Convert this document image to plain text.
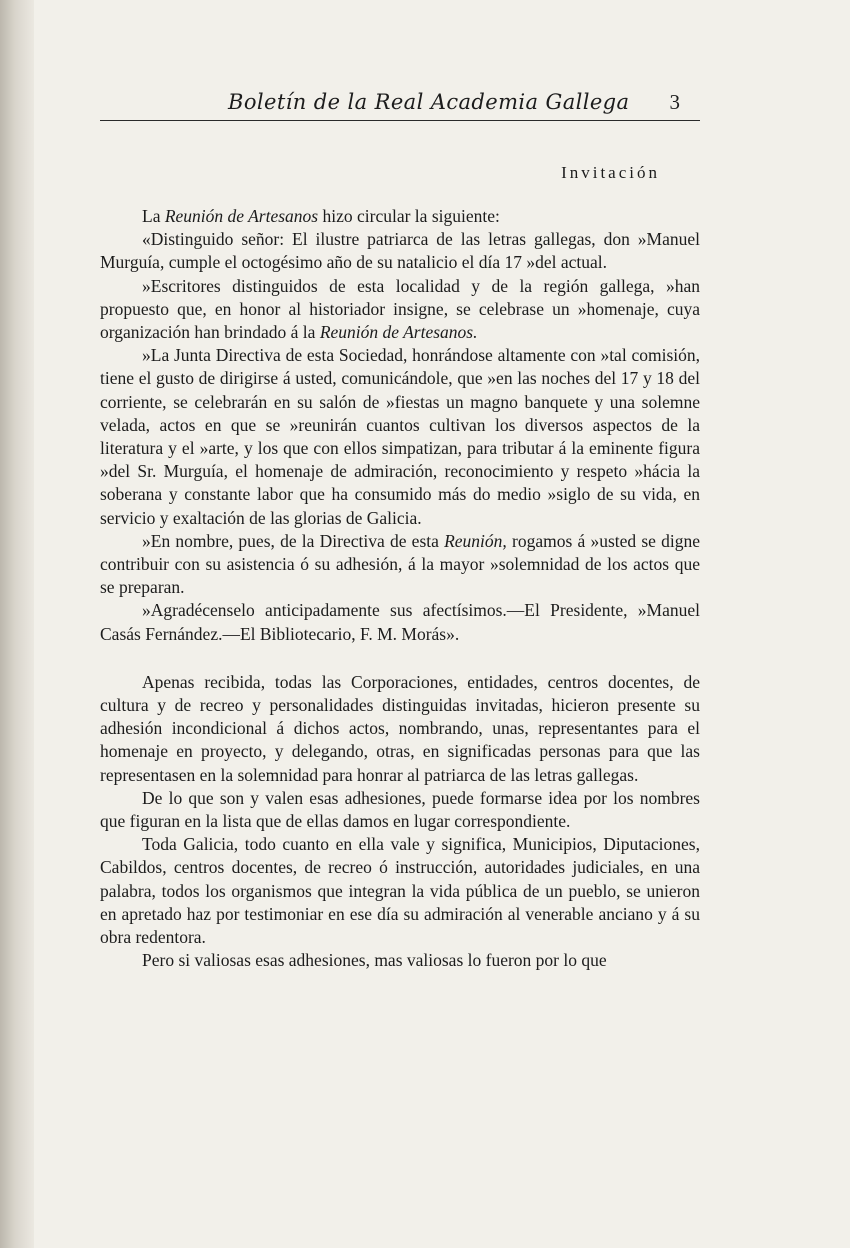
Boletín de la Real Academia Gallega 3
Invitación

La Reunión de Artesanos hizo circular la siguiente:

«Distinguido señor: El ilustre patriarca de las letras gallegas, don »Manuel Murguía, cumple el octogésimo año de su natalicio el día 17 »del actual.

»Escritores distinguidos de esta localidad y de la región gallega, »han propuesto que, en honor al historiador insigne, se celebrase un »homenaje, cuya organización han brindado á la Reunión de Artesanos.

»La Junta Directiva de esta Sociedad, honrándose altamente con »tal comisión, tiene el gusto de dirigirse á usted, comunicándole, que »en las noches del 17 y 18 del corriente, se celebrarán en su salón de »fiestas un magno banquete y una solemne velada, actos en que se »reunirán cuantos cultivan los diversos aspectos de la literatura y el »arte, y los que con ellos simpatizan, para tributar á la eminente figura »del Sr. Murguía, el homenaje de admiración, reconocimiento y respeto »hácia la soberana y constante labor que ha consumido más do medio »siglo de su vida, en servicio y exaltación de las glorias de Galicia.

»En nombre, pues, de la Directiva de esta Reunión, rogamos á »usted se digne contribuir con su asistencia ó su adhesión, á la mayor »solemnidad de los actos que se preparan.

»Agradécenselo anticipadamente sus afectísimos.—El Presidente, »Manuel Casás Fernández.—El Bibliotecario, F. M. Morás».

Apenas recibida, todas las Corporaciones, entidades, centros docentes, de cultura y de recreo y personalidades distinguidas invitadas, hicieron presente su adhesión incondicional á dichos actos, nombrando, unas, representantes para el homenaje en proyecto, y delegando, otras, en significadas personas para que las representasen en la solemnidad para honrar al patriarca de las letras gallegas.

De lo que son y valen esas adhesiones, puede formarse idea por los nombres que figuran en la lista que de ellas damos en lugar correspondiente.

Toda Galicia, todo cuanto en ella vale y significa, Municipios, Diputaciones, Cabildos, centros docentes, de recreo ó instrucción, autoridades judiciales, en una palabra, todos los organismos que integran la vida pública de un pueblo, se unieron en apretado haz por testimoniar en ese día su admiración al venerable anciano y á su obra redentora.

Pero si valiosas esas adhesiones, mas valiosas lo fueron por lo que
